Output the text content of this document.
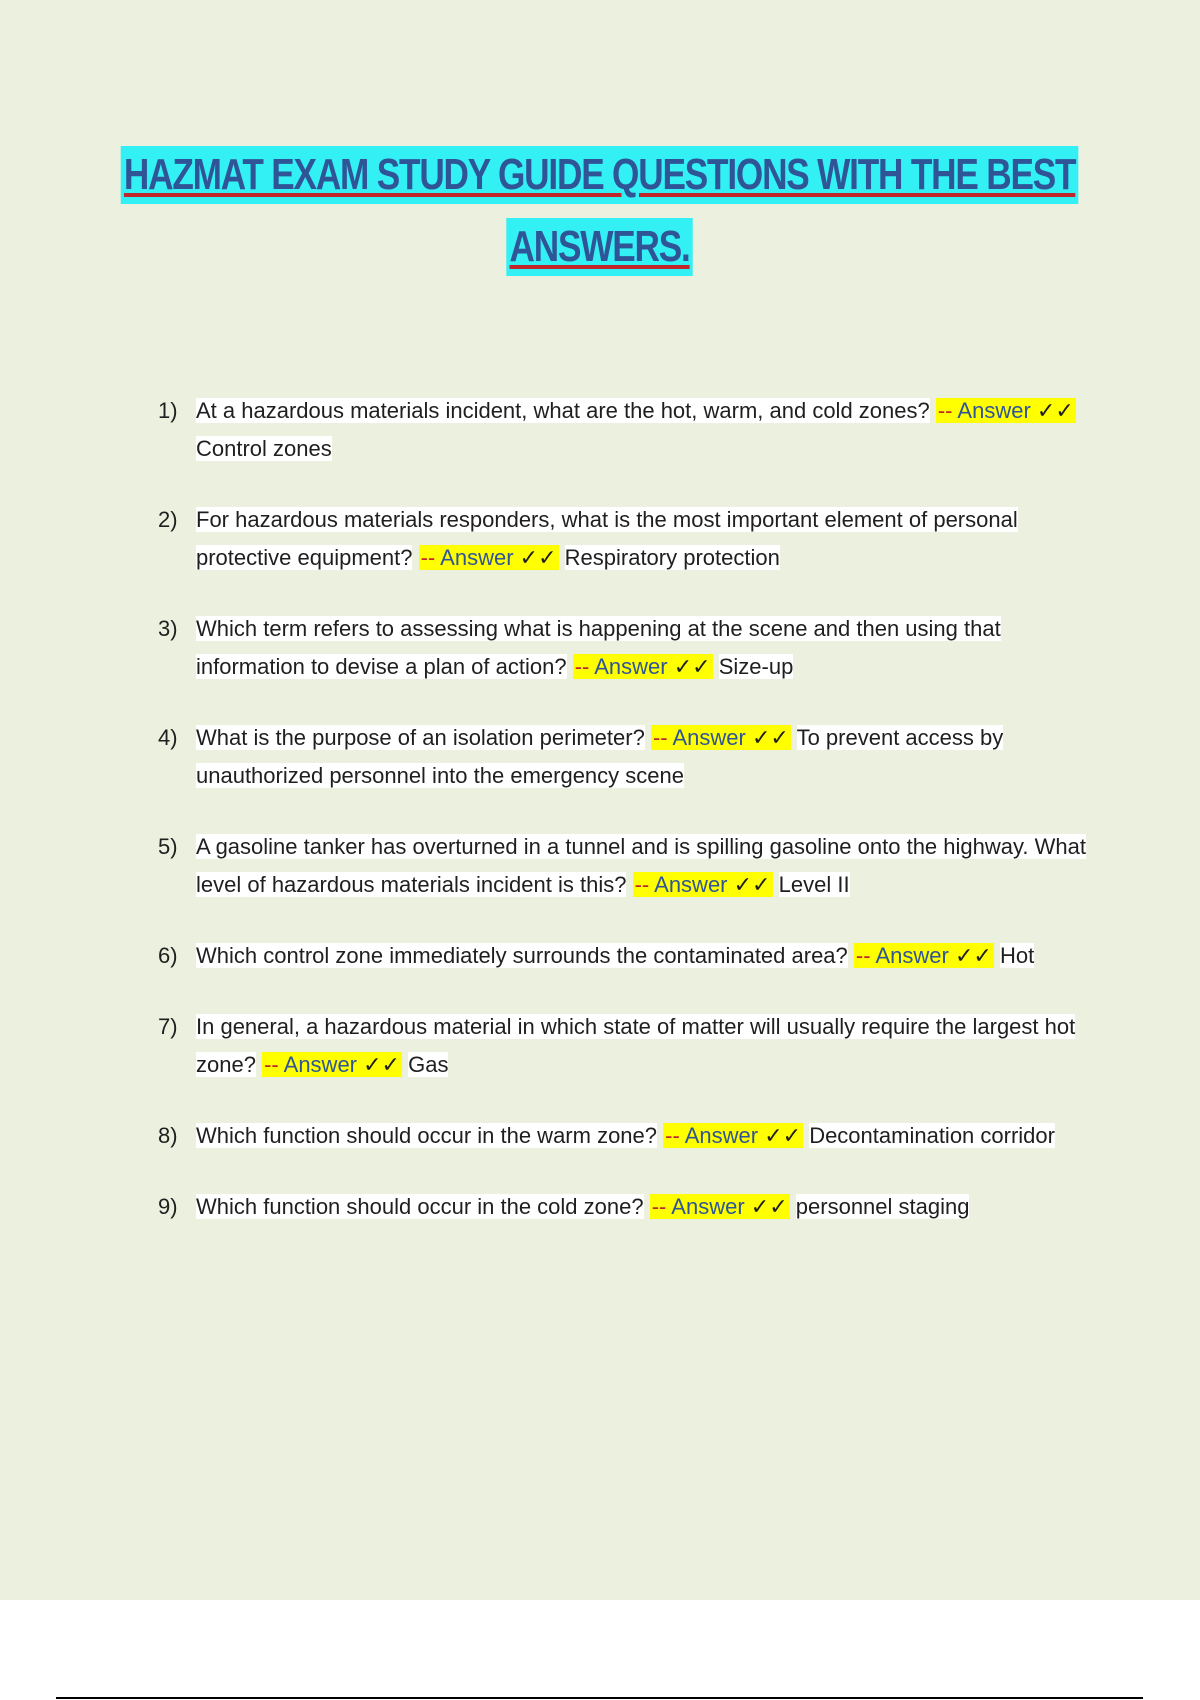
HAZMAT EXAM STUDY GUIDE QUESTIONS WITH THE BEST
ANSWERS.
1) At a hazardous materials incident, what are the hot, warm, and cold zones? -- Answer ✓✓ Control zones
2) For hazardous materials responders, what is the most important element of personal protective equipment? -- Answer ✓✓ Respiratory protection
3) Which term refers to assessing what is happening at the scene and then using that information to devise a plan of action? -- Answer ✓✓ Size-up
4) What is the purpose of an isolation perimeter? -- Answer ✓✓ To prevent access by unauthorized personnel into the emergency scene
5) A gasoline tanker has overturned in a tunnel and is spilling gasoline onto the highway. What level of hazardous materials incident is this? -- Answer ✓✓ Level II
6) Which control zone immediately surrounds the contaminated area? -- Answer ✓✓ Hot
7) In general, a hazardous material in which state of matter will usually require the largest hot zone? -- Answer ✓✓ Gas
8) Which function should occur in the warm zone? -- Answer ✓✓ Decontamination corridor
9) Which function should occur in the cold zone? -- Answer ✓✓ personnel staging
